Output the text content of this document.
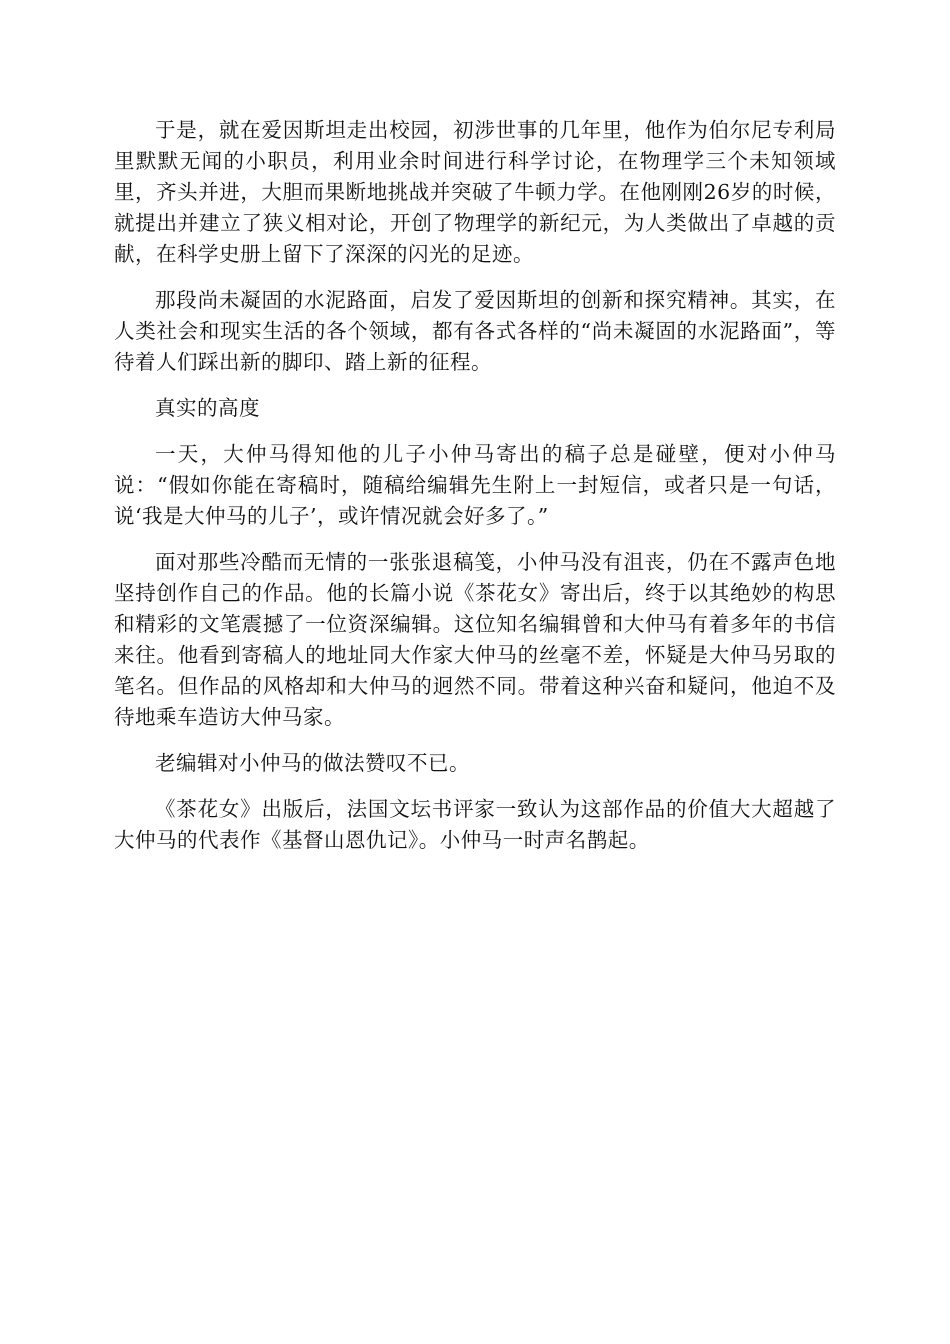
于是，就在爱因斯坦走出校园，初涉世事的几年里，他作为伯尔尼专利局里默默无闻的小职员，利用业余时间进行科学讨论，在物理学三个未知领域里，齐头并进，大胆而果断地挑战并突破了牛顿力学。在他刚刚26岁的时候，就提出并建立了狭义相对论，开创了物理学的新纪元，为人类做出了卓越的贡献，在科学史册上留下了深深的闪光的足迹。

那段尚未凝固的水泥路面，启发了爱因斯坦的创新和探究精神。其实，在人类社会和现实生活的各个领域，都有各式各样的“尚未凝固的水泥路面”，等待着人们踩出新的脚印、踏上新的征程。

真实的高度

一天，大仲马得知他的儿子小仲马寄出的稿子总是碰壁，便对小仲马说：“假如你能在寄稿时，随稿给编辑先生附上一封短信，或者只是一句话，说‘我是大仲马的儿子’，或许情况就会好多了。”

面对那些冷酷而无情的一张张退稿笺，小仲马没有沮丧，仍在不露声色地坚持创作自己的作品。他的长篇小说《茶花女》寄出后，终于以其绝妙的构思和精彩的文笔震撼了一位资深编辑。这位知名编辑曾和大仲马有着多年的书信来往。他看到寄稿人的地址同大作家大仲马的丝毫不差，怀疑是大仲马另取的笔名。但作品的风格却和大仲马的迥然不同。带着这种兴奋和疑问，他迫不及待地乘车造访大仲马家。

老编辑对小仲马的做法赞叹不已。

《茶花女》出版后，法国文坛书评家一致认为这部作品的价值大大超越了大仲马的代表作《基督山恩仇记》。小仲马一时声名鹊起。
